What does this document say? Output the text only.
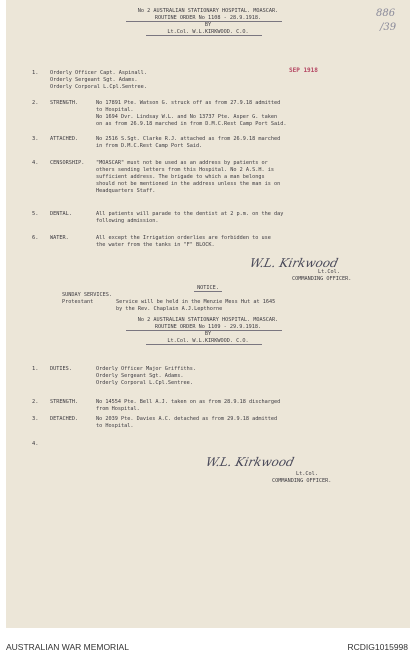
No 2 AUSTRALIAN STATIONARY HOSPITAL. MOASCAR.
ROUTINE ORDER No 1108 - 28.9.1918.
BY
Lt.Col. W.L.KIRKWOOD. C.O.
886
/39
SEP 1918
1. Orderly Officer Capt. Aspinall.
Orderly Sergeant Sgt. Adams.
Orderly Corporal L.Cpl.Sentree.
2. STRENGTH.	No 17891 Pte. Watson G. struck off as from 27.9.18 admitted
to Hospital.
No 1694 Dvr. Lindsay W.L. and No 13737 Pte. Asper G. taken
on as from 26.9.18 marched in from D.M.C.Rest Camp Port Said.
3. ATTACHED.	No 2516 S.Sgt. Clarke R.J. attached as from 26.9.18 marched
in from D.M.C.Rest Camp Port Said.
4. CENSORSHIP. "MOASCAR" must not be used as an address by patients or
others sending letters from this Hospital. No 2 A.S.H. is
sufficient address. The brigade to which a man belongs
should not be mentioned in the address unless the man is on
Headquarters Staff.
5. DENTAL.	All patients will parade to the dentist at 2 p.m. on the day
following admission.
6. WATER.	All except the Irrigation orderlies are forbidden to use
the water from the tanks in "F" BLOCK.
W.L. Kirkwood
Lt.Col.
COMMANDING OFFICER.
NOTICE.
SUNDAY SERVICES.
Protestant	Service will be held in the Menzie Mess Hut at 1645
by the Rev. Chaplain A.J.Lepthorne
No 2 AUSTRALIAN STATIONARY HOSPITAL. MOASCAR.
ROUTINE ORDER No 1109 - 29.9.1918.
BY
Lt.Col. W.L.KIRKWOOD. C.O.
1. DUTIES.	Orderly Officer Major Griffiths.
Orderly Sergeant Sgt. Adams.
Orderly Corporal L.Cpl.Sentree.
2. STRENGTH.	No 14554 Pte. Bell A.J. taken on as from 28.9.18 discharged
from Hospital.
3. DETACHED.	No 2039 Pte. Davies A.C. detached as from 29.9.18 admitted
to Hospital.
4.
W.L. Kirkwood
Lt.Col.
COMMANDING OFFICER.
AUSTRALIAN WAR MEMORIAL	RCDIG1015998
